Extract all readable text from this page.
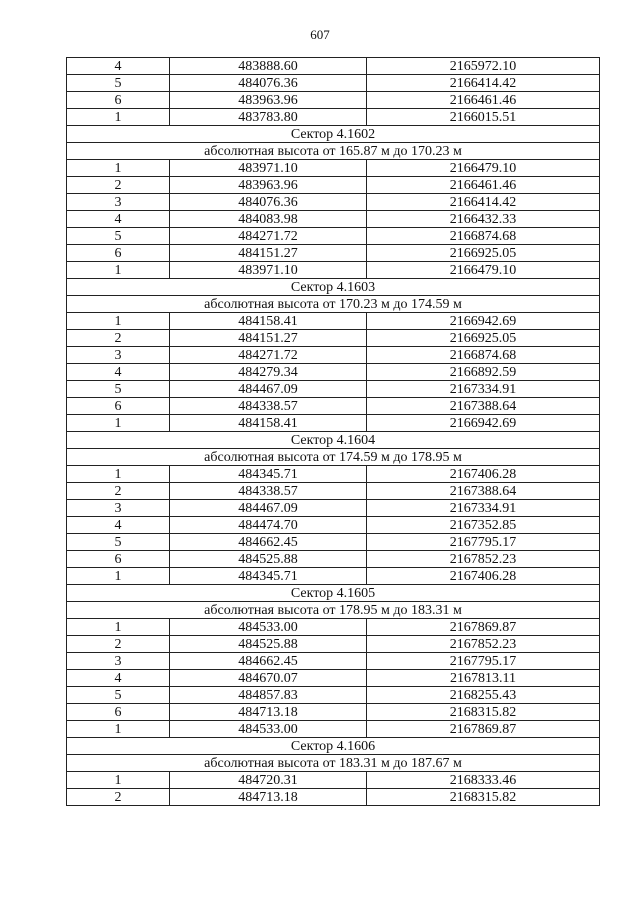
607
4	483888.60	2165972.10
5	484076.36	2166414.42
6	483963.96	2166461.46
1	483783.80	2166015.51
Сектор 4.1602		
абсолютная высота от 165.87 м до 170.23 м		
1	483971.10	2166479.10
2	483963.96	2166461.46
3	484076.36	2166414.42
4	484083.98	2166432.33
5	484271.72	2166874.68
6	484151.27	2166925.05
1	483971.10	2166479.10
Сектор 4.1603		
абсолютная высота от 170.23 м до 174.59 м		
1	484158.41	2166942.69
2	484151.27	2166925.05
3	484271.72	2166874.68
4	484279.34	2166892.59
5	484467.09	2167334.91
6	484338.57	2167388.64
1	484158.41	2166942.69
Сектор 4.1604		
абсолютная высота от 174.59 м до 178.95 м		
1	484345.71	2167406.28
2	484338.57	2167388.64
3	484467.09	2167334.91
4	484474.70	2167352.85
5	484662.45	2167795.17
6	484525.88	2167852.23
1	484345.71	2167406.28
Сектор 4.1605		
абсолютная высота от 178.95 м до 183.31 м		
1	484533.00	2167869.87
2	484525.88	2167852.23
3	484662.45	2167795.17
4	484670.07	2167813.11
5	484857.83	2168255.43
6	484713.18	2168315.82
1	484533.00	2167869.87
Сектор 4.1606		
абсолютная высота от 183.31 м до 187.67 м		
1	484720.31	2168333.46
2	484713.18	2168315.82
